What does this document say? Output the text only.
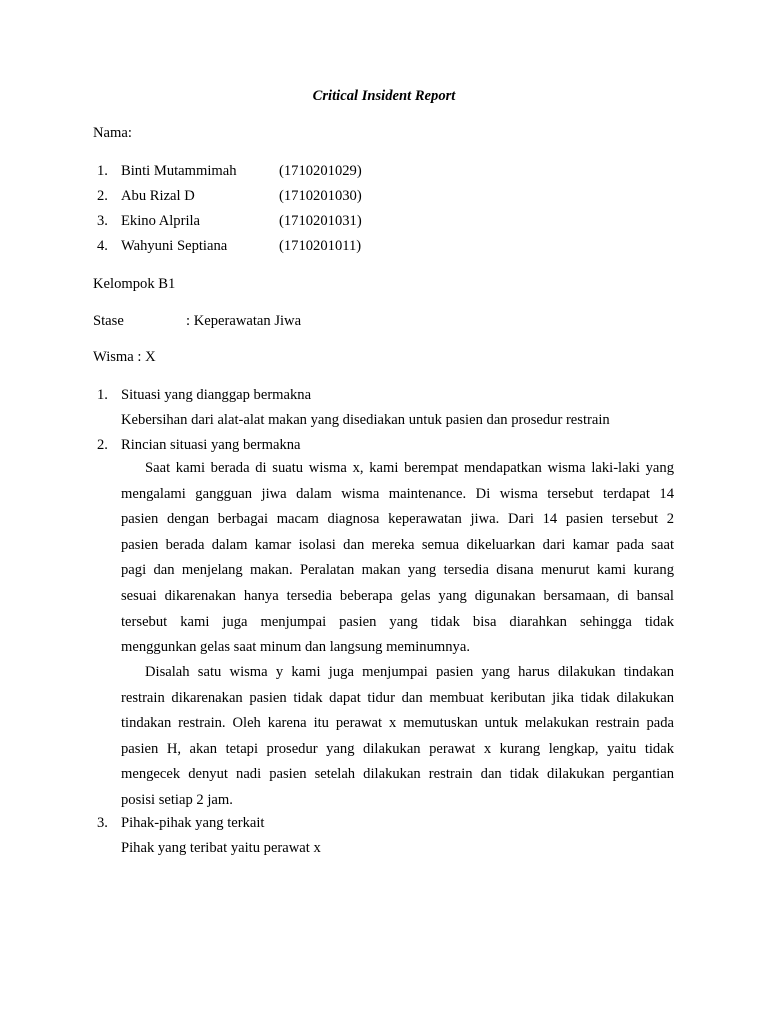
Critical Insident Report
Nama:
1. Binti Mutammimah	(1710201029)
2. Abu Rizal D	(1710201030)
3. Ekino Alprila	(1710201031)
4. Wahyuni Septiana	(1710201011)
Kelompok B1
Stase	: Keperawatan Jiwa
Wisma : X
1. Situasi yang dianggap bermakna
Kebersihan dari alat-alat makan yang disediakan untuk pasien dan prosedur restrain
2. Rincian situasi yang bermakna
Saat kami berada di suatu wisma x, kami berempat mendapatkan wisma laki-laki yang
mengalami gangguan jiwa dalam wisma maintenance. Di wisma tersebut terdapat 14
pasien dengan berbagai macam diagnosa keperawatan jiwa. Dari 14 pasien tersebut 2
pasien berada dalam kamar isolasi dan mereka semua dikeluarkan dari kamar pada saat
pagi dan menjelang makan. Peralatan makan yang tersedia disana menurut kami kurang
sesuai dikarenakan hanya tersedia beberapa gelas yang digunakan bersamaan, di bansal
tersebut kami juga menjumpai pasien yang tidak bisa diarahkan sehingga tidak
menggunkan gelas saat minum dan langsung meminumnya.
Disalah satu wisma y kami juga menjumpai pasien yang harus dilakukan tindakan
restrain dikarenakan pasien tidak dapat tidur dan membuat keributan jika tidak dilakukan
tindakan restrain. Oleh karena itu perawat x memutuskan untuk melakukan restrain pada
pasien H, akan tetapi prosedur yang dilakukan perawat x kurang lengkap, yaitu tidak
mengecek denyut nadi pasien setelah dilakukan restrain dan tidak dilakukan pergantian
posisi setiap 2 jam.
3. Pihak-pihak yang terkait
Pihak yang teribat yaitu perawat x
